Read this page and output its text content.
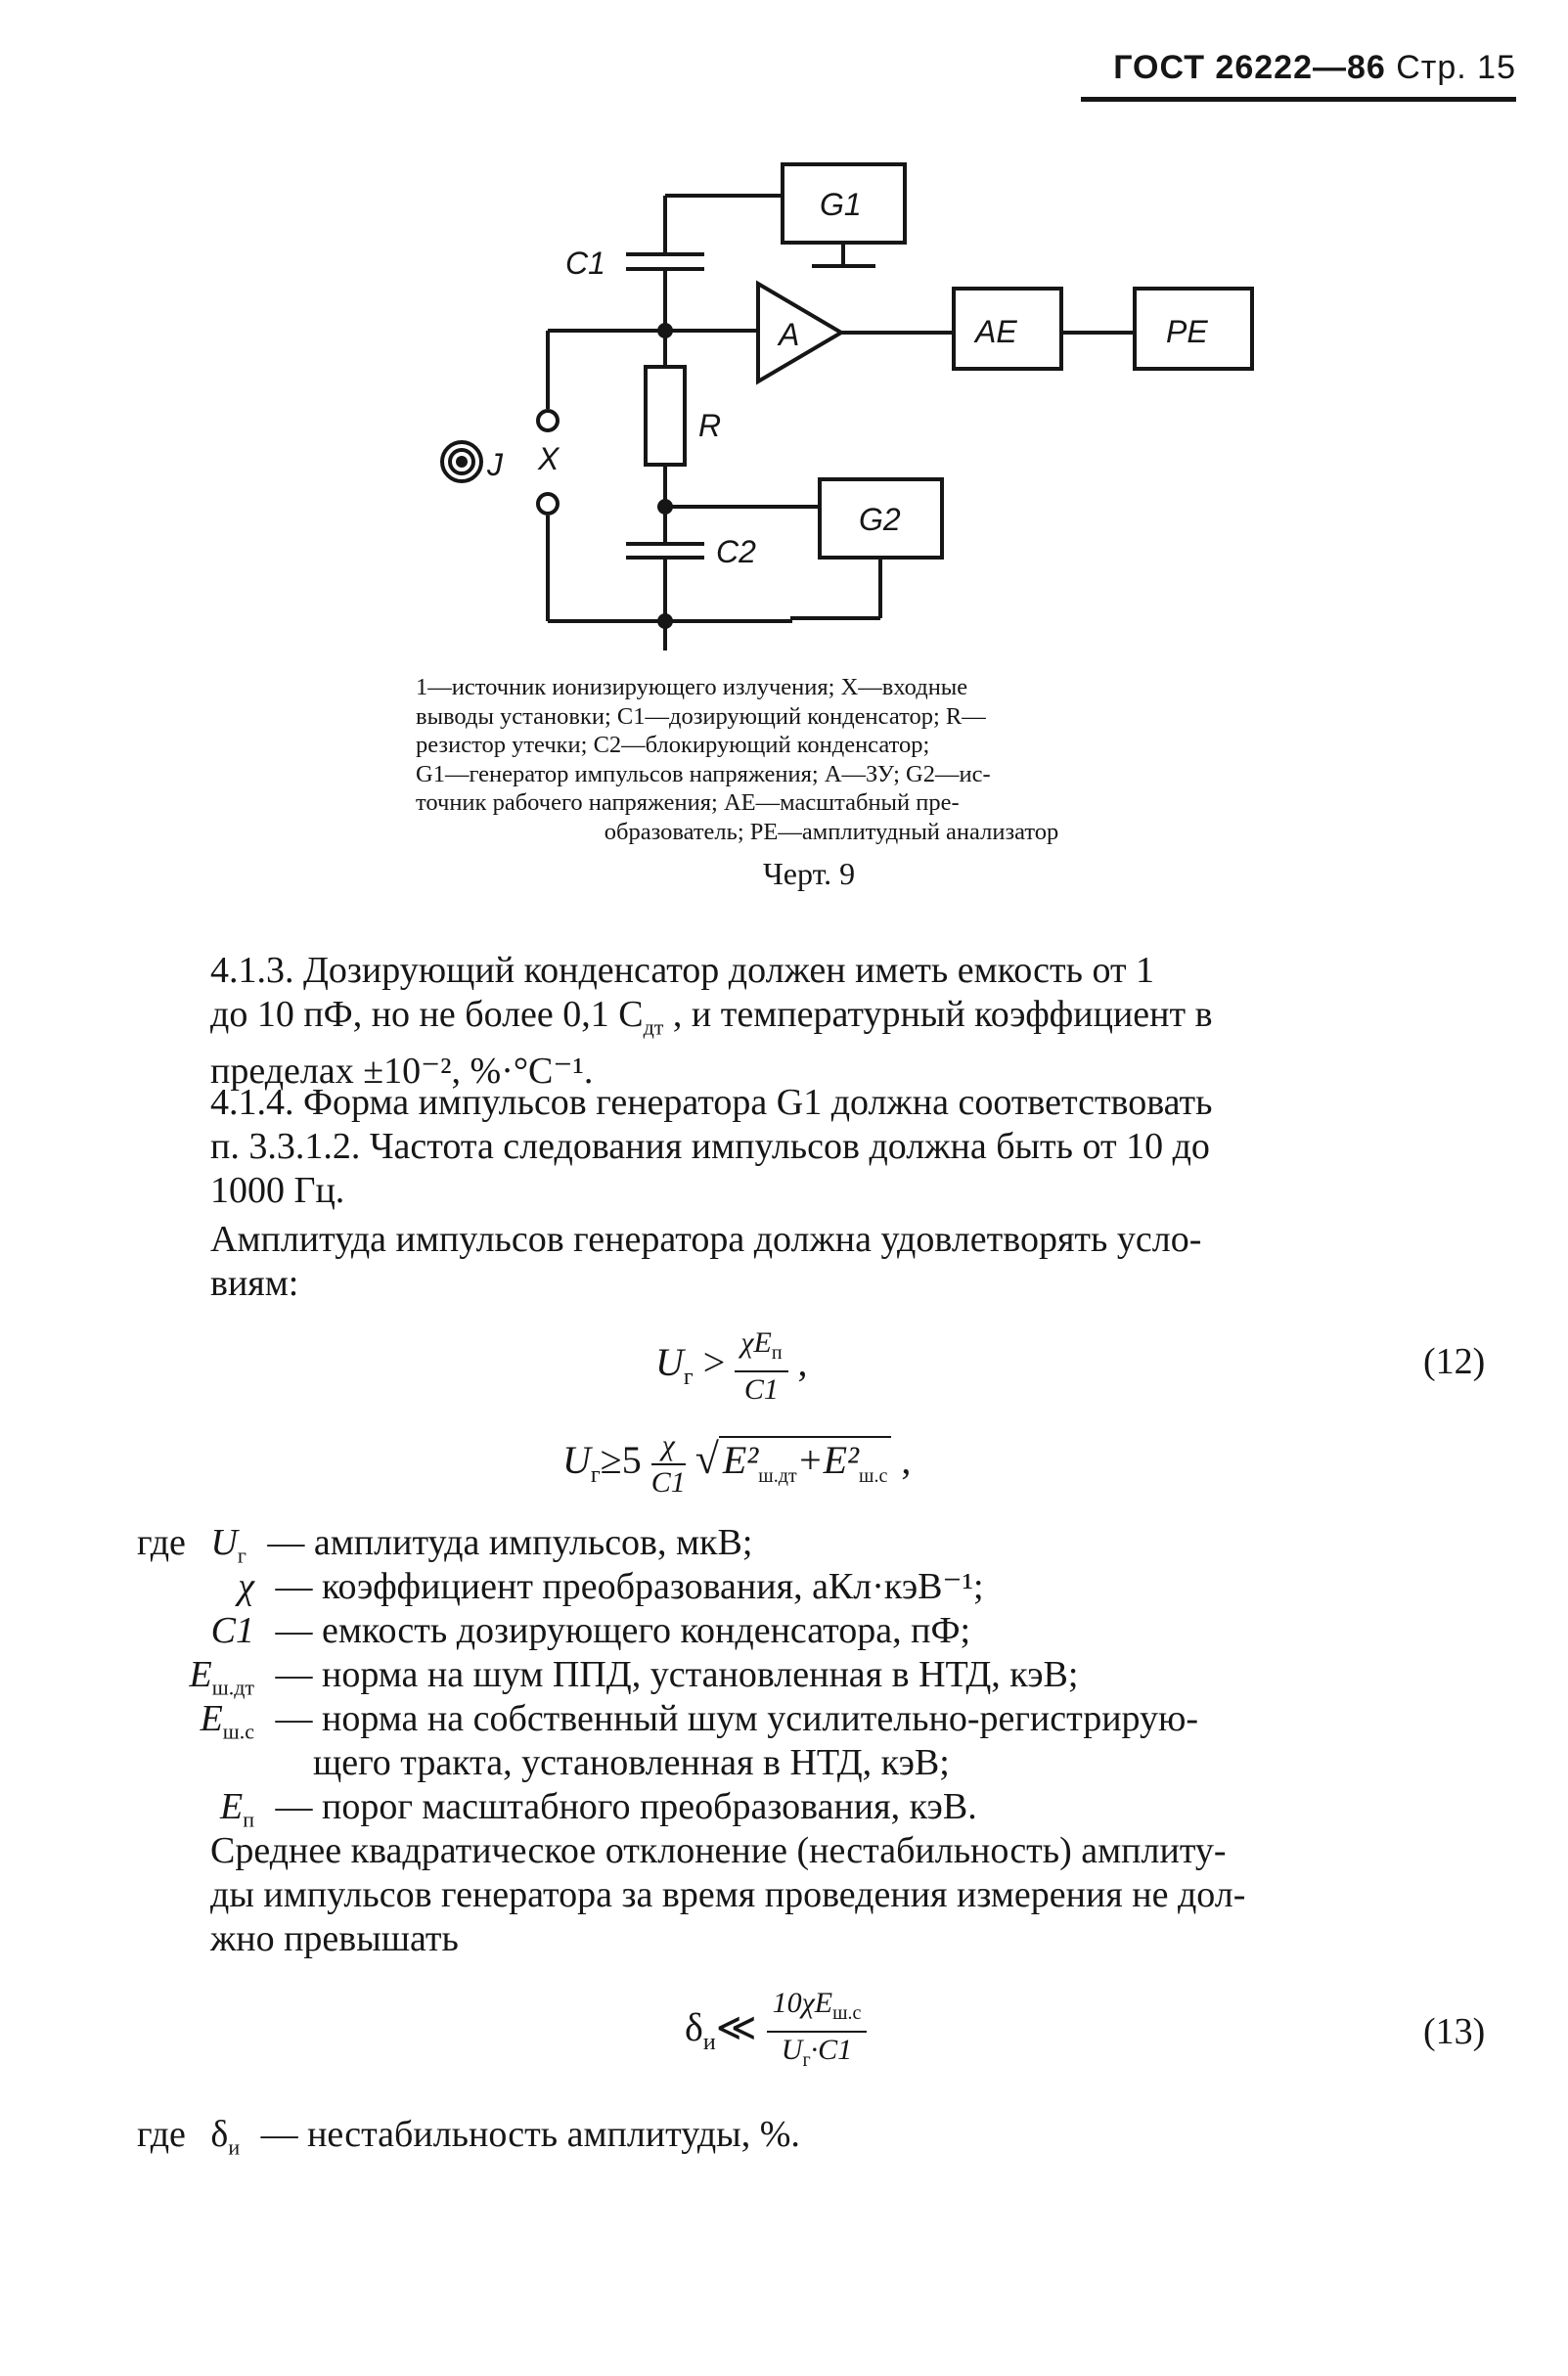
ГОСТ 26222—86 Стр. 15
G1
A	AE	PE
G2
C1
C2
R
X
J
1—источник ионизирующего излучения; X—входные
выводы установки; C1—дозирующий конденсатор; R—
резистор утечки; C2—блокирующий конденсатор;
G1—генератор импульсов напряжения; A—ЗУ; G2—ис-
точник рабочего напряжения; AE—масштабный пре-

образователь; PE—амплитудный анализатор
Черт. 9
4.1.3. Дозирующий конденсатор должен иметь емкость от 1
до 10 пФ, но не более 0,1 $C_{дт}$ , и температурный коэффициент в
пределах ±10⁻², %·°C⁻¹.
4.1.4. Форма импульсов генератора G1 должна соответствовать
п. 3.3.1.2. Частота следования импульсов должна быть от 10 до
1000 Гц.
Амплитуда импульсов генератора должна удовлетворять усло-
виям:
$U_г > \frac{\chi E_п}{C1}$ ,	(12)
$U_г\ge 5 \frac{\chi}{C1}$ √ $E^2_{ш.дт}+E^2_{ш.с}$ ,
где $U_г$ — амплитуда импульсов, мкВ;
χ — коэффициент преобразования, аКл·кэВ⁻¹;
C1 — емкость дозирующего конденсатора, пФ;
$E_{ш.дт}$ — норма на шум ППД, установленная в НТД, кэВ;
$E_{ш.с}$ — норма на собственный шум усилительно-регистрирую-
щего тракта, установленная в НТД, кэВ;
$E_п$ — порог масштабного преобразования, кэВ.
Среднее квадратическое отклонение (нестабильность) амплиту-
ды импульсов генератора за время проведения измерения не дол-
жно превышать
$\delta_и≪ \frac{10\chi E_{ш.с}}{U_г\cdot C1}$	(13)
где $\delta_и$ — нестабильность амплитуды, %.
